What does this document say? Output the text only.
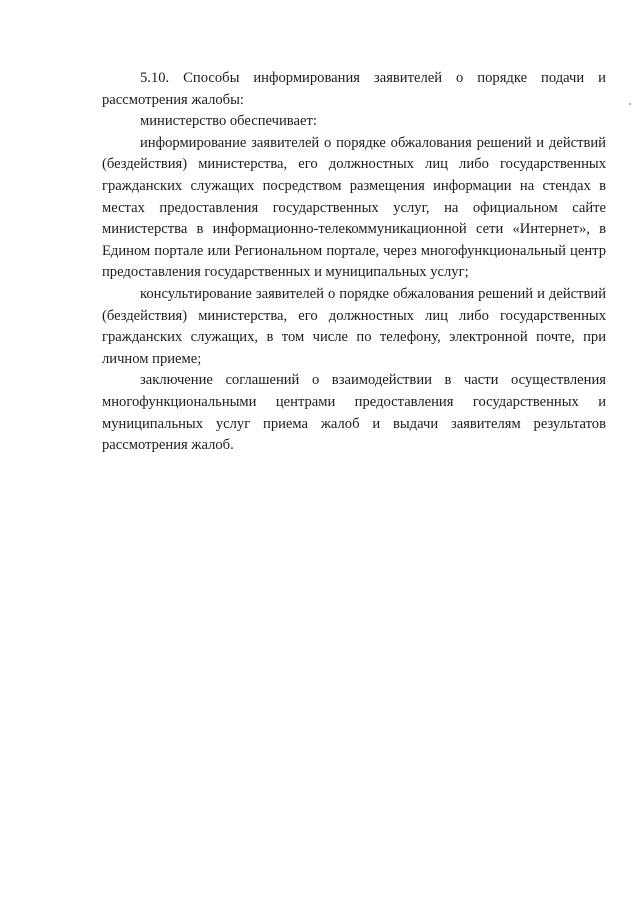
5.10. Способы информирования заявителей о порядке подачи и рассмотрения жалобы:

министерство обеспечивает:

информирование заявителей о порядке обжалования решений и действий (бездействия) министерства, его должностных лиц либо государственных гражданских служащих посредством размещения информации на стендах в местах предоставления государственных услуг, на официальном сайте министерства в информационно-телекоммуникационной сети «Интернет», в Едином портале или Региональном портале, через многофункциональный центр предоставления государственных и муниципальных услуг;

консультирование заявителей о порядке обжалования решений и действий (бездействия) министерства, его должностных лиц либо государственных гражданских служащих, в том числе по телефону, электронной почте, при личном приеме;

заключение соглашений о взаимодействии в части осуществления многофункциональными центрами предоставления государственных и муниципальных услуг приема жалоб и выдачи заявителям результатов рассмотрения жалоб.
